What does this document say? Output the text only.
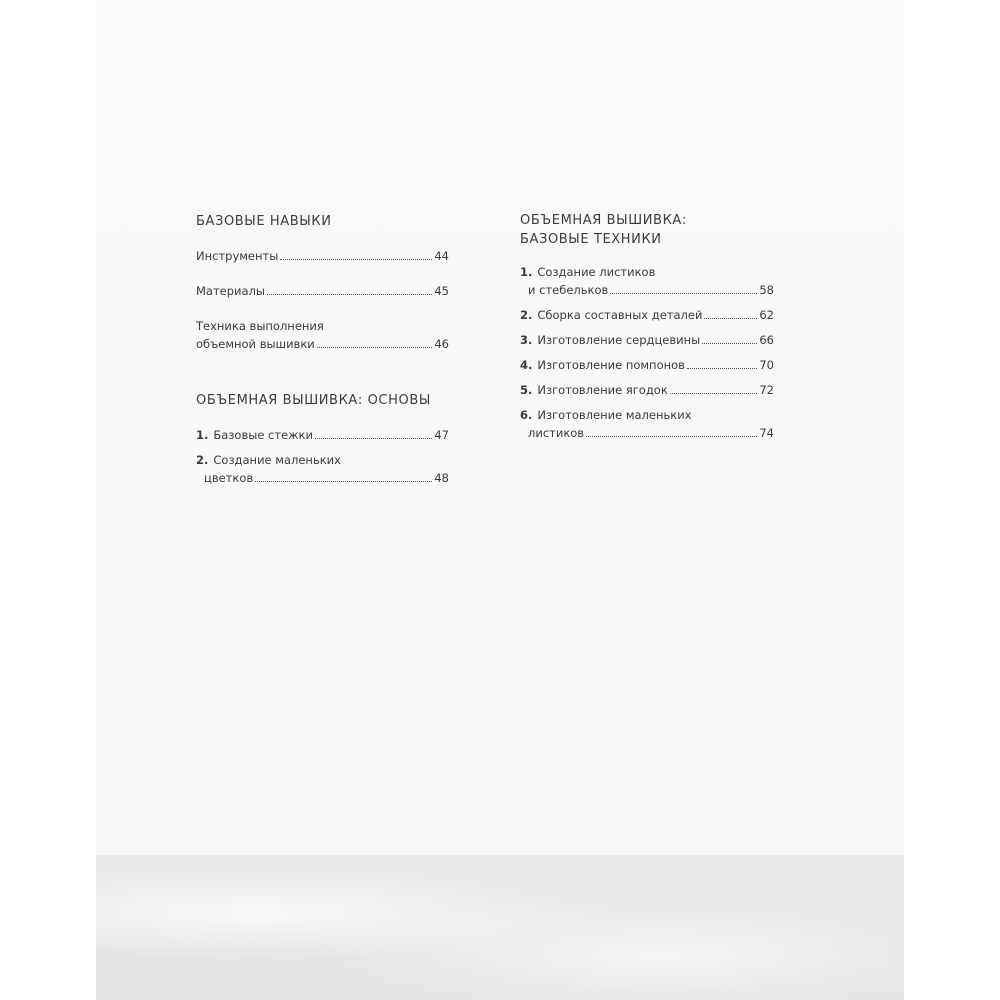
БАЗОВЫЕ НАВЫКИ
Инструменты	44
Материалы	45
Техника выполнения
объемной вышивки	46
ОБЪЕМНАЯ ВЫШИВКА: ОСНОВЫ
1. Базовые стежки	47
2. Создание маленьких
цветков	48
ОБЪЕМНАЯ ВЫШИВКА:
БАЗОВЫЕ ТЕХНИКИ
1. Создание листиков
и стебельков	58
2. Сборка составных деталей	62
3. Изготовление сердцевины	66
4. Изготовление помпонов	70
5. Изготовление ягодок	72
6. Изготовление маленьких
листиков	74
